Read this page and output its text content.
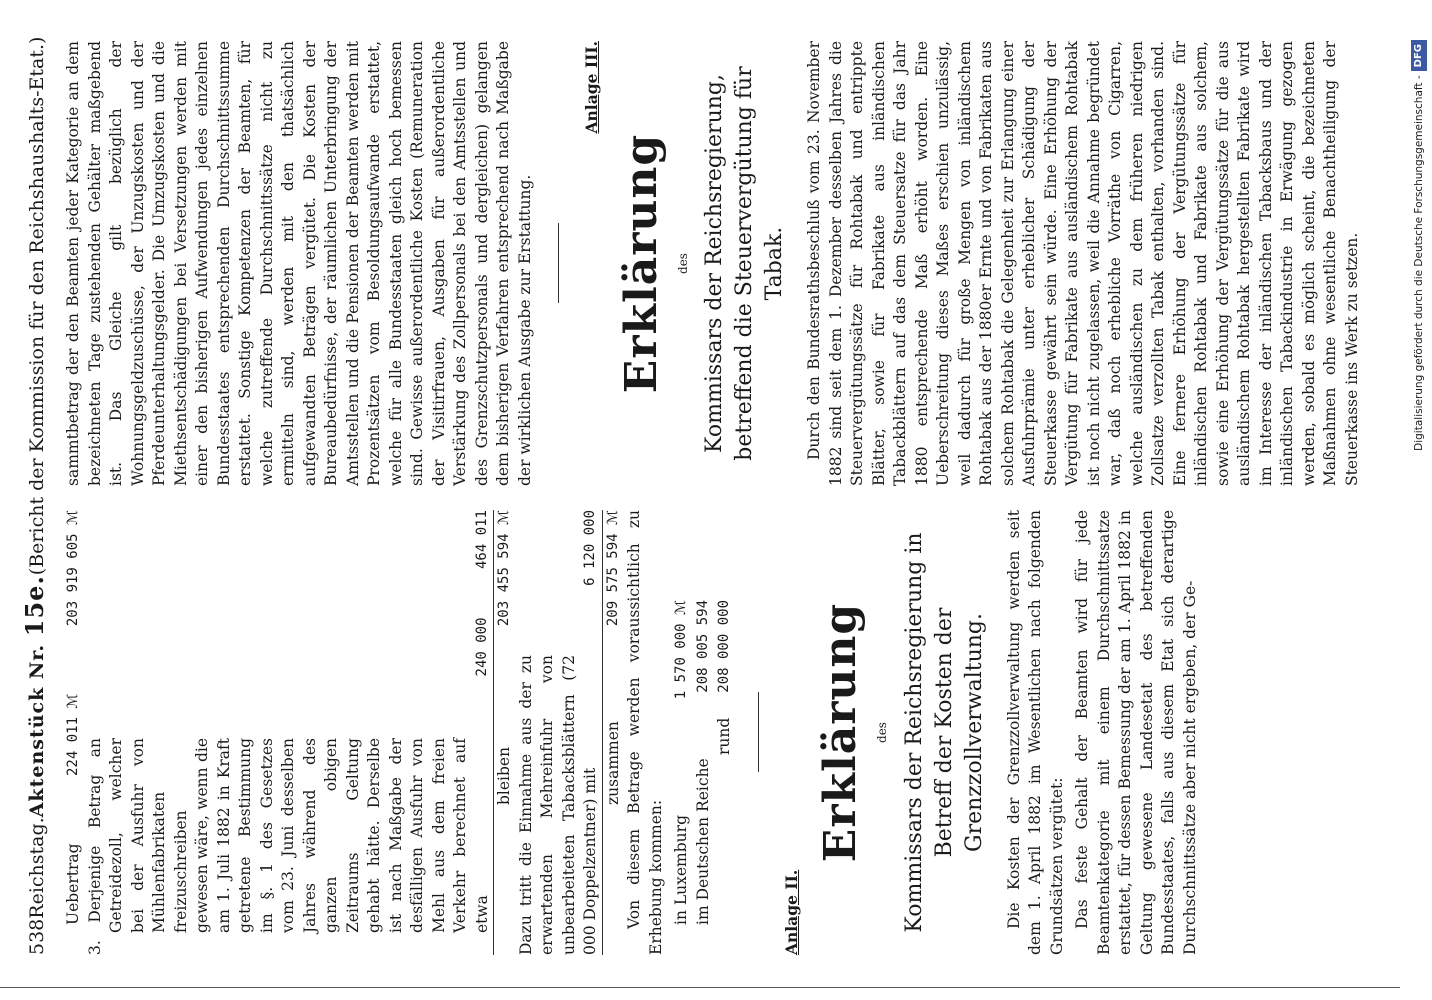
538
Reichstag.
Aktenstück Nr. 15e.
(Bericht der Kommission für den Reichshaushalts-Etat.)
Uebertrag
224 011 ℳ
203 919 605 ℳ
3. Derjenige Betrag an Getreidezoll, welcher bei der Ausfuhr von Mühlenfabrikaten freizuschreiben gewesen wäre, wenn die am 1. Juli 1882 in Kraft getretene Bestimmung im §. 1 des Gesetzes vom 23. Juni desselben Jahres während des ganzen obigen Zeitraums Geltung gehabt hätte. Derselbe ist nach Maßgabe der desfälligen Ausfuhr von Mehl aus dem freien Verkehr berechnet auf etwa
240 000 464 011
bleiben
203 455 594 ℳ
Dazu tritt die Einnahme aus der zu erwartenden Mehreinfuhr von unbearbeiteten Tabacksblättern (72 000 Doppelzentner) mit
6 120 000
zusammen
209 575 594 ℳ Von diesem Betrage werden voraussichtlich zu Erhebung kommen: in Luxemburg
1 570 000 ℳ
im Deutschen Reiche
208 005 594
rund
208 000 000
Anlage II.
Erklärung des Kommissars der Reichsregierung in Betreff der Kosten der Grenzzollverwaltung. Die Kosten der Grenzzollverwaltung werden seit dem 1. April 1882 im Wesentlichen nach folgenden Grundsätzen vergütet: Das feste Gehalt der Beamten wird für jede Beamtenkategorie mit einem Durchschnittssatze erstattet, für dessen Bemessung der am 1. April 1882 in Geltung gewesene Landesetat des betreffenden Bundesstaates, falls aus diesem Etat sich derartige Durchschnittssätze aber nicht ergeben, der Ge-

sammtbetrag der den Beamten jeder Kategorie an dem bezeichneten Tage zustehenden Gehälter maßgebend ist. Das Gleiche gilt bezüglich der Wohnungsgeldzuschüsse, der Unzugskosten und der Pferdeunterhaltungsgelder. Die Umzugskosten und die Miethsentschädigungen bei Versetzungen werden mit einer den bisherigen Aufwendungen jedes einzelnen Bundesstaates entsprechenden Durchschnittssumme erstattet. Sonstige Kompetenzen der Beamten, für welche zutreffende Durchschnittssätze nicht zu ermitteln sind, werden mit den thatsächlich aufgewandten Beträgen vergütet. Die Kosten der Bureaubedürfnisse, der räumlichen Unterbringung der Amtsstellen und die Pensionen der Beamten werden mit Prozentsätzen vom Besoldungsaufwande erstattet, welche für alle Bundesstaaten gleich hoch bemessen sind. Gewisse außerordentliche Kosten (Remuneration der Visitirfrauen, Ausgaben für außerordentliche Verstärkung des Zollpersonals bei den Amtsstellen und des Grenzschutzpersonals und dergleichen) gelangen dem bisherigen Verfahren entsprechend nach Maßgabe der wirklichen Ausgabe zur Erstattung.

Anlage III.
Erklärung des Kommissars der Reichsregierung, betreffend die Steuervergütung für Tabak. Durch den Bundesrathsbeschluß vom 23. November 1882 sind seit dem 1. Dezember desselben Jahres die Steuervergütungssätze für Rohtabak und entrippte Blätter, sowie für Fabrikate aus inländischen Tabackblättern auf das dem Steuersatze für das Jahr 1880 entsprechende Maß erhöht worden. Eine Ueberschreitung dieses Maßes erschien unzulässig, weil dadurch für große Mengen von inländischem Rohtabak aus der 1880er Ernte und von Fabrikaten aus solchem Rohtabak die Gelegenheit zur Erlangung einer Ausfuhrprämie unter erheblicher Schädigung der Steuerkasse gewährt sein würde. Eine Erhöhung der Vergütung für Fabrikate aus ausländischem Rohtabak ist noch nicht zugelassen, weil die Annahme begründet war, daß noch erhebliche Vorräthe von Cigarren, welche ausländischen zu dem früheren niedrigen Zollsatze verzollten Tabak enthalten, vorhanden sind. Eine fernere Erhöhung der Vergütungssätze für inländischen Rohtabak und Fabrikate aus solchem, sowie eine Erhöhung der Vergütungssätze für die aus ausländischem Rohtabak hergestellten Fabrikate wird im Interesse der inländischen Tabacksbaus und der inländischen Tabackindustrie in Erwägung gezogen werden, sobald es möglich scheint, die bezeichneten Maßnahmen ohne wesentliche Benachtheiligung der Steuerkasse ins Werk zu setzen.	Digitalisierung gefördert durch die Deutsche Forschungsgemeinschaft -
DFG
